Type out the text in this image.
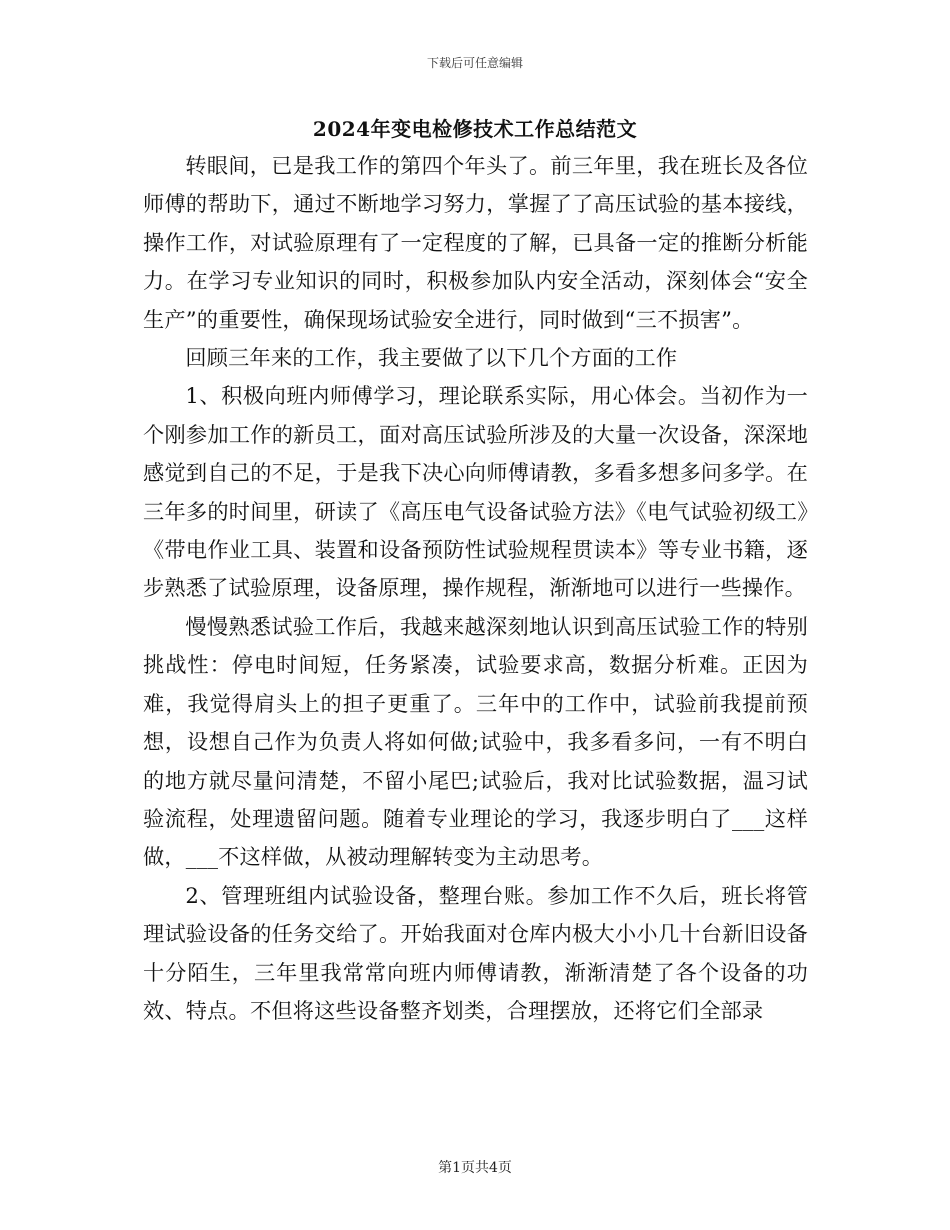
下载后可任意编辑
2024年变电检修技术工作总结范文

转眼间，已是我工作的第四个年头了。前三年里，我在班长及各位师傅的帮助下，通过不断地学习努力，掌握了了高压试验的基本接线，操作工作，对试验原理有了一定程度的了解，已具备一定的推断分析能力。在学习专业知识的同时，积极参加队内安全活动，深刻体会“安全生产”的重要性，确保现场试验安全进行，同时做到“三不损害”。

回顾三年来的工作，我主要做了以下几个方面的工作

1、积极向班内师傅学习，理论联系实际，用心体会。当初作为一个刚参加工作的新员工，面对高压试验所涉及的大量一次设备，深深地感觉到自己的不足，于是我下决心向师傅请教，多看多想多问多学。在三年多的时间里，研读了《高压电气设备试验方法》《电气试验初级工》《带电作业工具、装置和设备预防性试验规程贯读本》等专业书籍，逐步熟悉了试验原理，设备原理，操作规程，渐渐地可以进行一些操作。

慢慢熟悉试验工作后，我越来越深刻地认识到高压试验工作的特别挑战性：停电时间短，任务紧凑，试验要求高，数据分析难。正因为难，我觉得肩头上的担子更重了。三年中的工作中，试验前我提前预想，设想自己作为负责人将如何做;试验中，我多看多问，一有不明白的地方就尽量问清楚，不留小尾巴;试验后，我对比试验数据，温习试验流程，处理遗留问题。随着专业理论的学习，我逐步明白了___这样做，___不这样做，从被动理解转变为主动思考。

2、管理班组内试验设备，整理台账。参加工作不久后，班长将管理试验设备的任务交给了。开始我面对仓库内极大小小几十台新旧设备十分陌生，三年里我常常向班内师傅请教，渐渐清楚了各个设备的功效、特点。不但将这些设备整齐划类，合理摆放，还将它们全部录

第1页共4页
